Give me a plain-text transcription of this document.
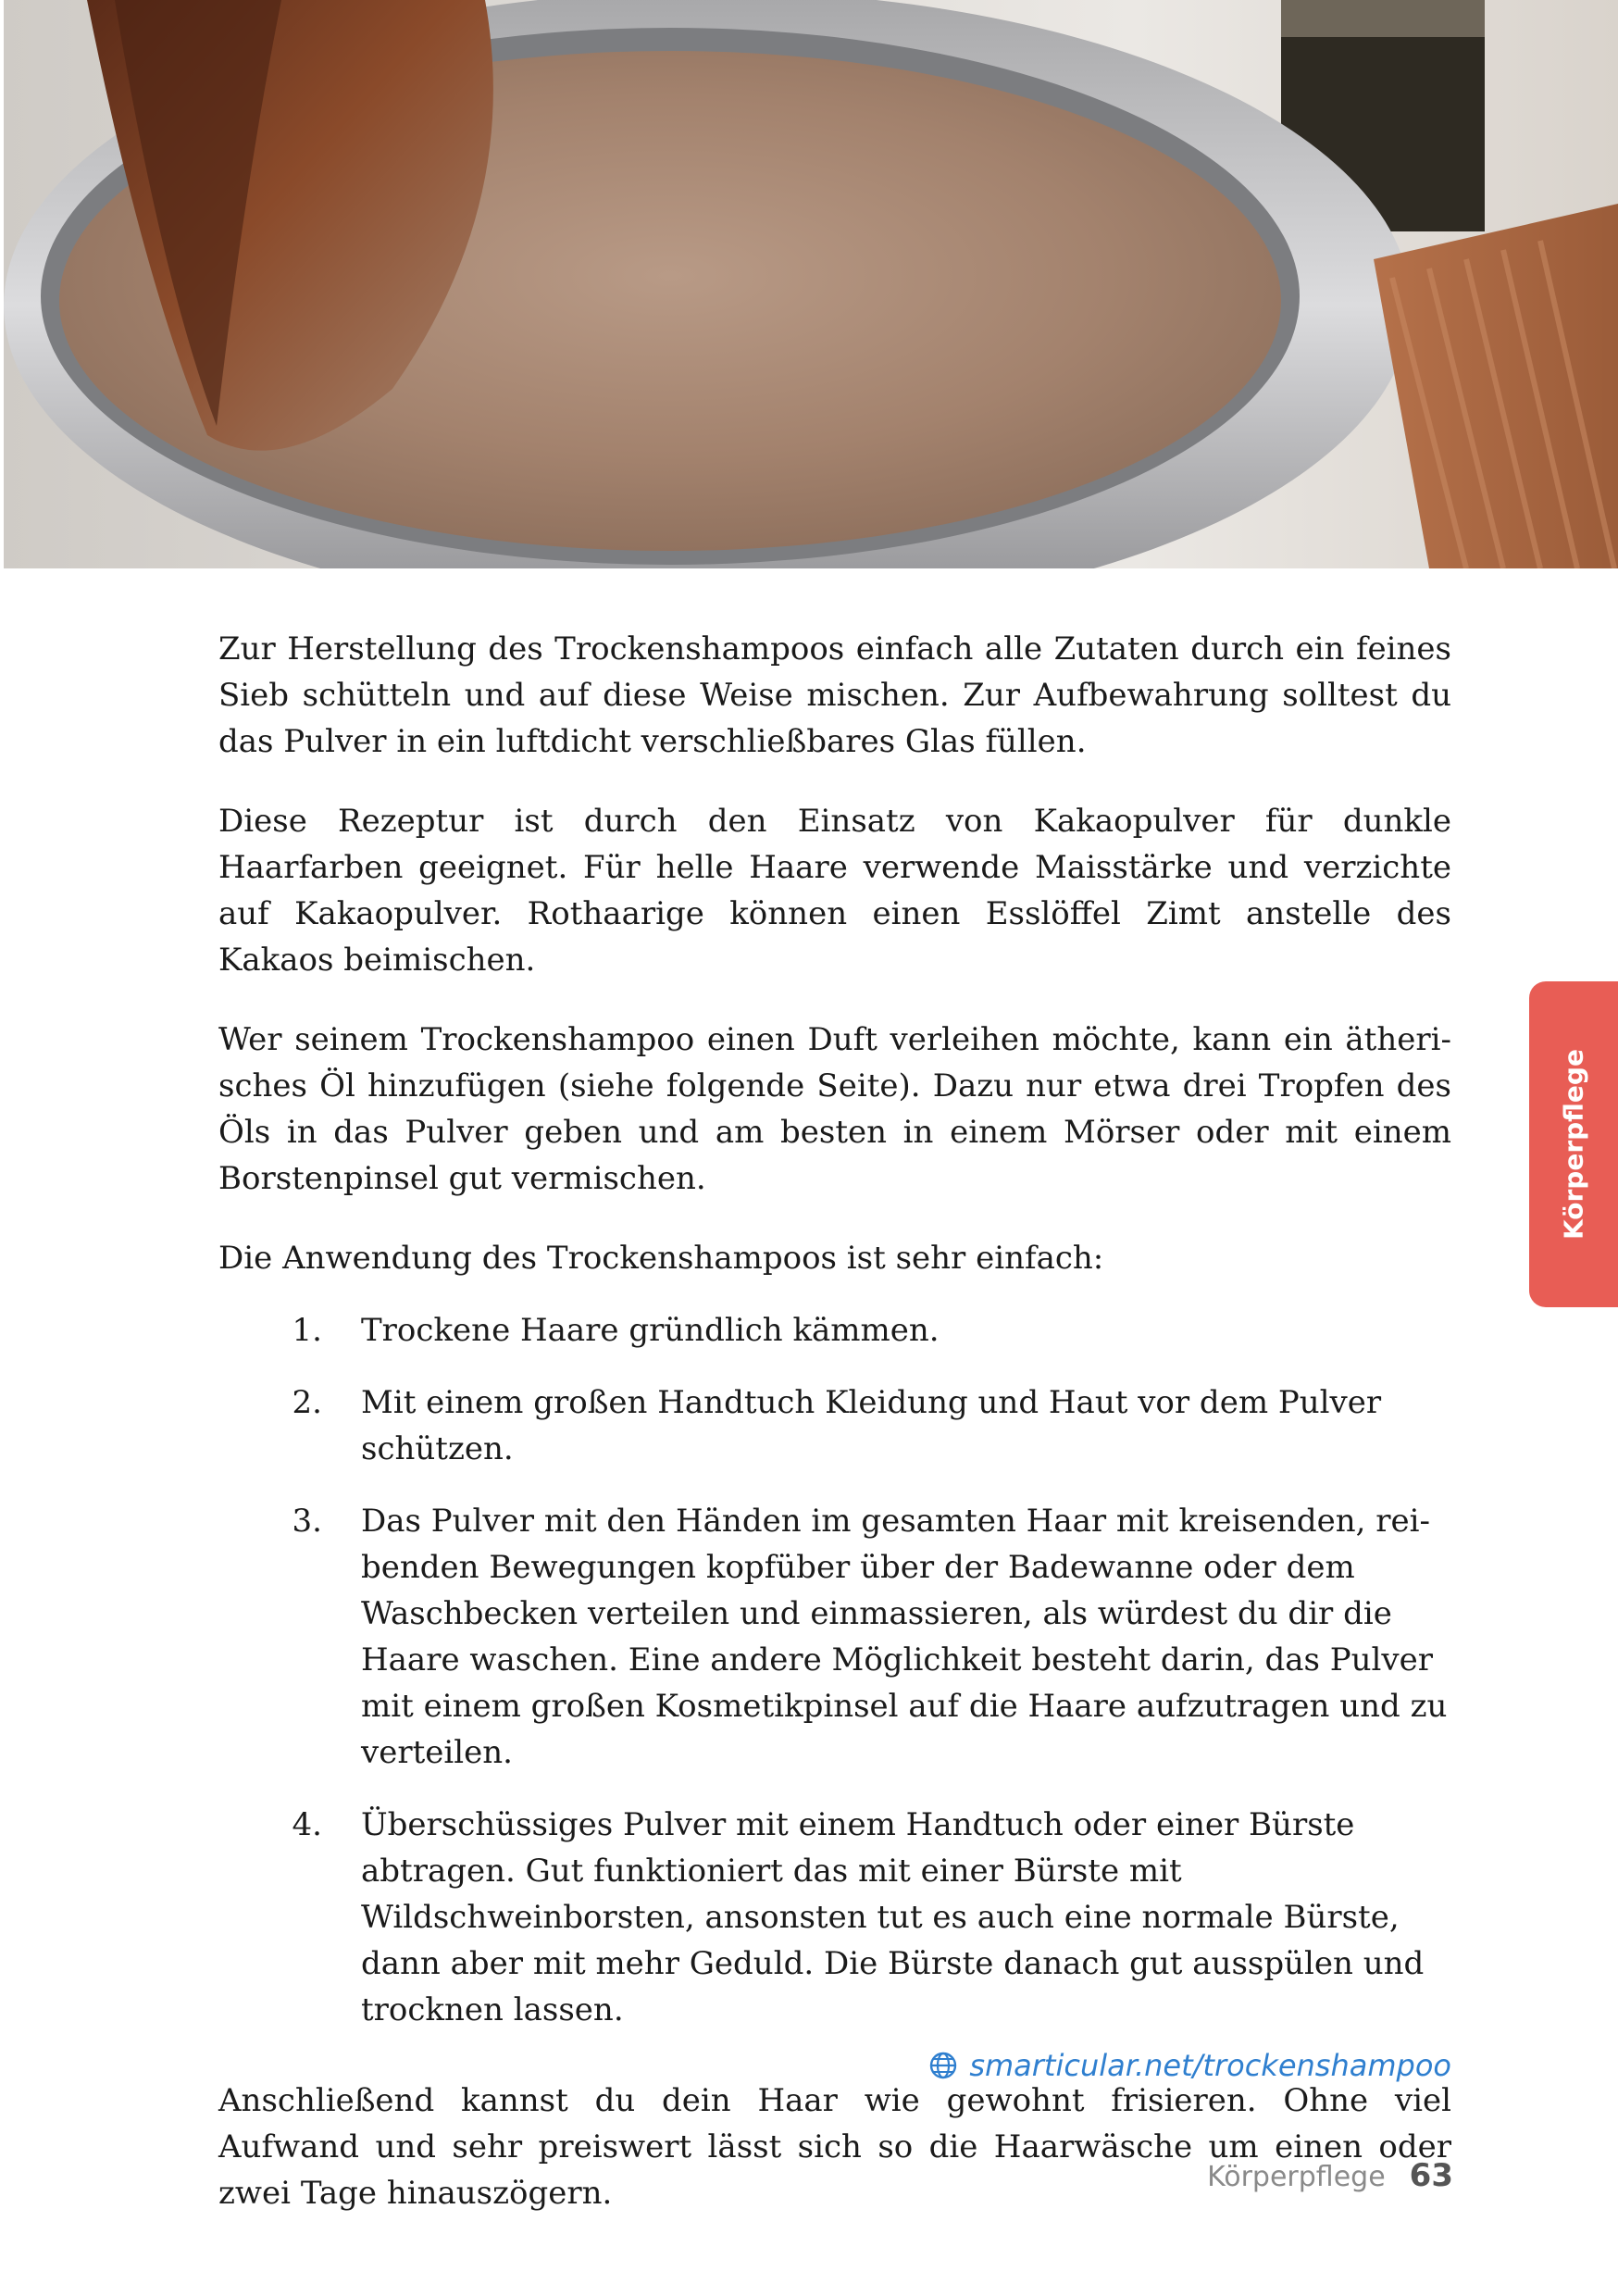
Zur Herstellung des Trockenshampoos einfach alle Zutaten durch ein feines Sieb schütteln und auf diese Weise mischen. Zur Aufbewahrung solltest du das Pulver in ein luftdicht verschließbares Glas füllen.

Diese Rezeptur ist durch den Einsatz von Kakaopulver für dunkle Haarfarben geeignet. Für helle Haare verwende Maisstärke und verzichte auf Kakaopulver. Rothaarige können einen Esslöffel Zimt anstelle des Kakaos beimischen.

Wer seinem Trockenshampoo einen Duft verleihen möchte, kann ein ätherisches Öl hinzufügen (siehe folgende Seite). Dazu nur etwa drei Tropfen des Öls in das Pulver geben und am besten in einem Mörser oder mit einem Borstenpinsel gut vermischen.

Die Anwendung des Trockenshampoos ist sehr einfach:

1.	Trockene Haare gründlich kämmen.
2.	Mit einem großen Handtuch Kleidung und Haut vor dem Pulver schützen.
3.	Das Pulver mit den Händen im gesamten Haar mit kreisenden, reibenden Bewegungen kopfüber über der Badewanne oder dem Waschbecken verteilen und einmassieren, als würdest du dir die Haare waschen. Eine andere Möglichkeit besteht darin, das Pulver mit einem großen Kosmetikpinsel auf die Haare aufzutragen und zu verteilen.
4.	Überschüssiges Pulver mit einem Handtuch oder einer Bürste abtragen. Gut funktioniert das mit einer Bürste mit Wildschweinborsten, ansonsten tut es auch eine normale Bürste, dann aber mit mehr Geduld. Die Bürste danach gut ausspülen und trocknen lassen.

Anschließend kannst du dein Haar wie gewohnt frisieren. Ohne viel Aufwand und sehr preiswert lässt sich so die Haarwäsche um einen oder zwei Tage hinauszögern.

smarticular.net/trockenshampoo
Körperpflege
Körperpflege 63
